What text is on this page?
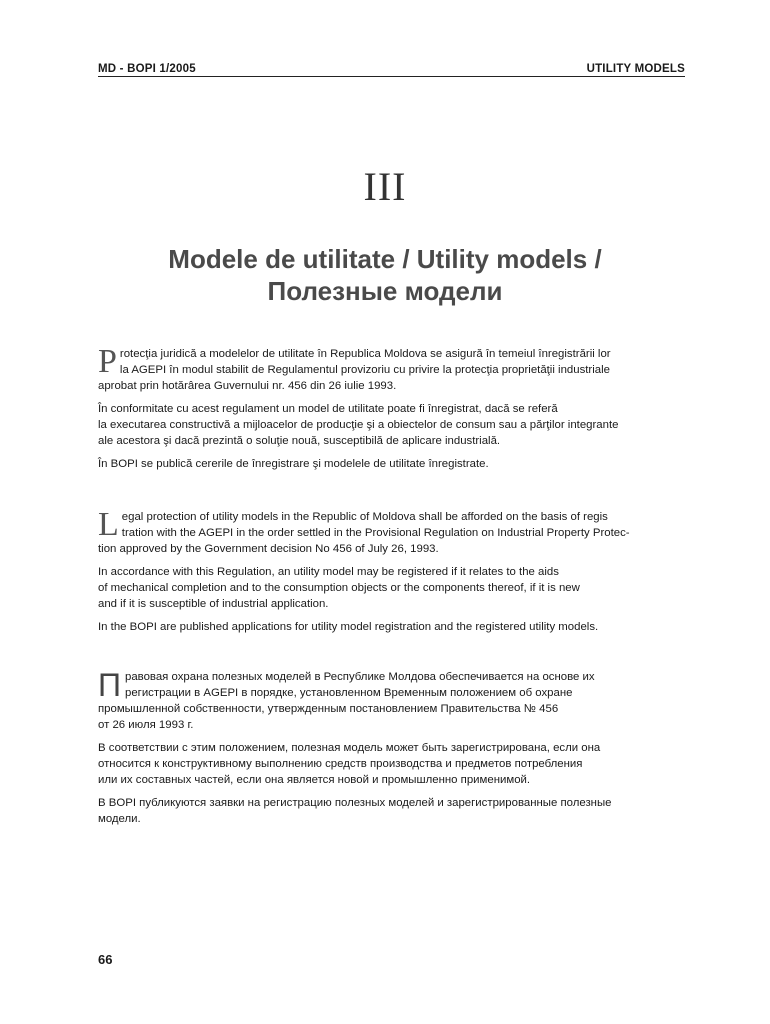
MD - BOPI 1/2005	UTILITY MODELS
III
Modele de utilitate / Utility models /
Полезные модели

P rotecţia juridică a modelelor de utilitate în Republica Moldova se asigură în temeiul înregistrării lor
la AGEPI în modul stabilit de Regulamentul provizoriu cu privire la protecţia proprietăţii industriale
aprobat prin hotărârea Guvernului nr. 456 din 26 iulie 1993.

În conformitate cu acest regulament un model de utilitate poate fi înregistrat, dacă se referă
la executarea constructivă a mijloacelor de producţie şi a obiectelor de consum sau a părţilor integrante
ale acestora şi dacă prezintă o soluţie nouă, susceptibilă de aplicare industrială.

În BOPI se publică cererile de înregistrare şi modelele de utilitate înregistrate.

L egal protection of utility models in the Republic of Moldova shall be afforded on the basis of regis
tration with the AGEPI in the order settled in the Provisional Regulation on Industrial Property Protec-
tion approved by the Government decision No 456 of July 26, 1993.

In accordance with this Regulation, an utility model may be registered if it relates to the aids
of mechanical completion and to the consumption objects or the components thereof, if it is new
and if it is susceptible of industrial application.

In the BOPI are published applications for utility model registration and the registered utility models.

П равовая охрана полезных моделей в Республике Молдова обеспечивается на основе их
регистрации в AGEPI в порядке, установленном Временным положением об охране
промышленной собственности, утвержденным постановлением Правительства № 456
от 26 июля 1993 г.

В соответствии с этим положением, полезная модель может быть зарегистрирована, если она
относится к конструктивному выполнению средств производства и предметов потребления
или их составных частей, если она является новой и промышленно применимой.

В BOPI публикуются заявки на регистрацию полезных моделей и зарегистрированные полезные
модели.

66
